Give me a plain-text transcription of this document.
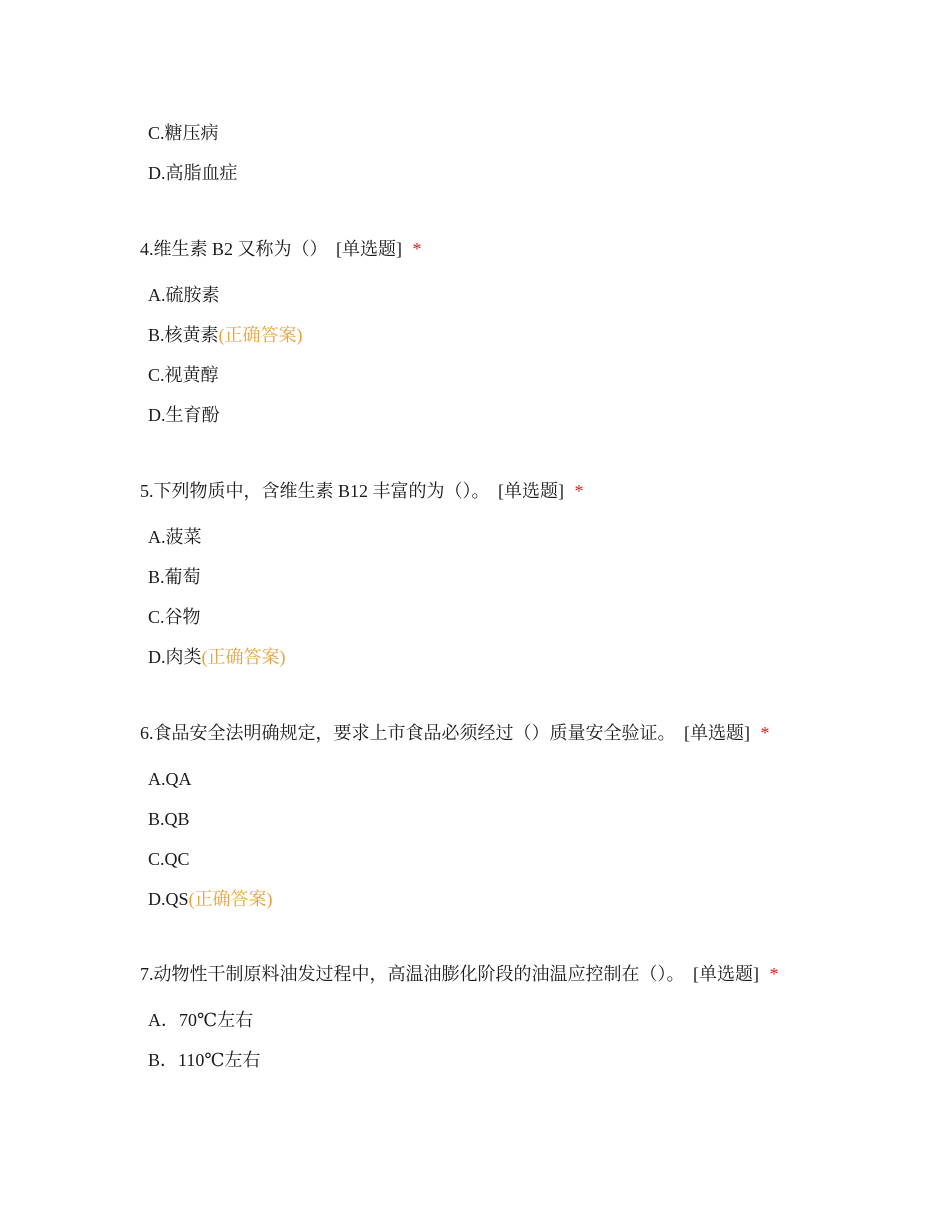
C.糖压病
D.高脂血症
4.维生素 B2 又称为（） [单选题] *
A.硫胺素
B.核黄素(正确答案)
C.视黄醇
D.生育酚
5.下列物质中，含维生素 B12 丰富的为（）。 [单选题] *
A.菠菜
B.葡萄
C.谷物
D.肉类(正确答案)
6.食品安全法明确规定，要求上市食品必须经过（）质量安全验证。 [单选题] *
A.QA
B.QB
C.QC
D.QS(正确答案)
7.动物性干制原料油发过程中，高温油膨化阶段的油温应控制在（）。 [单选题] *
A．70℃左右
B．110℃左右
